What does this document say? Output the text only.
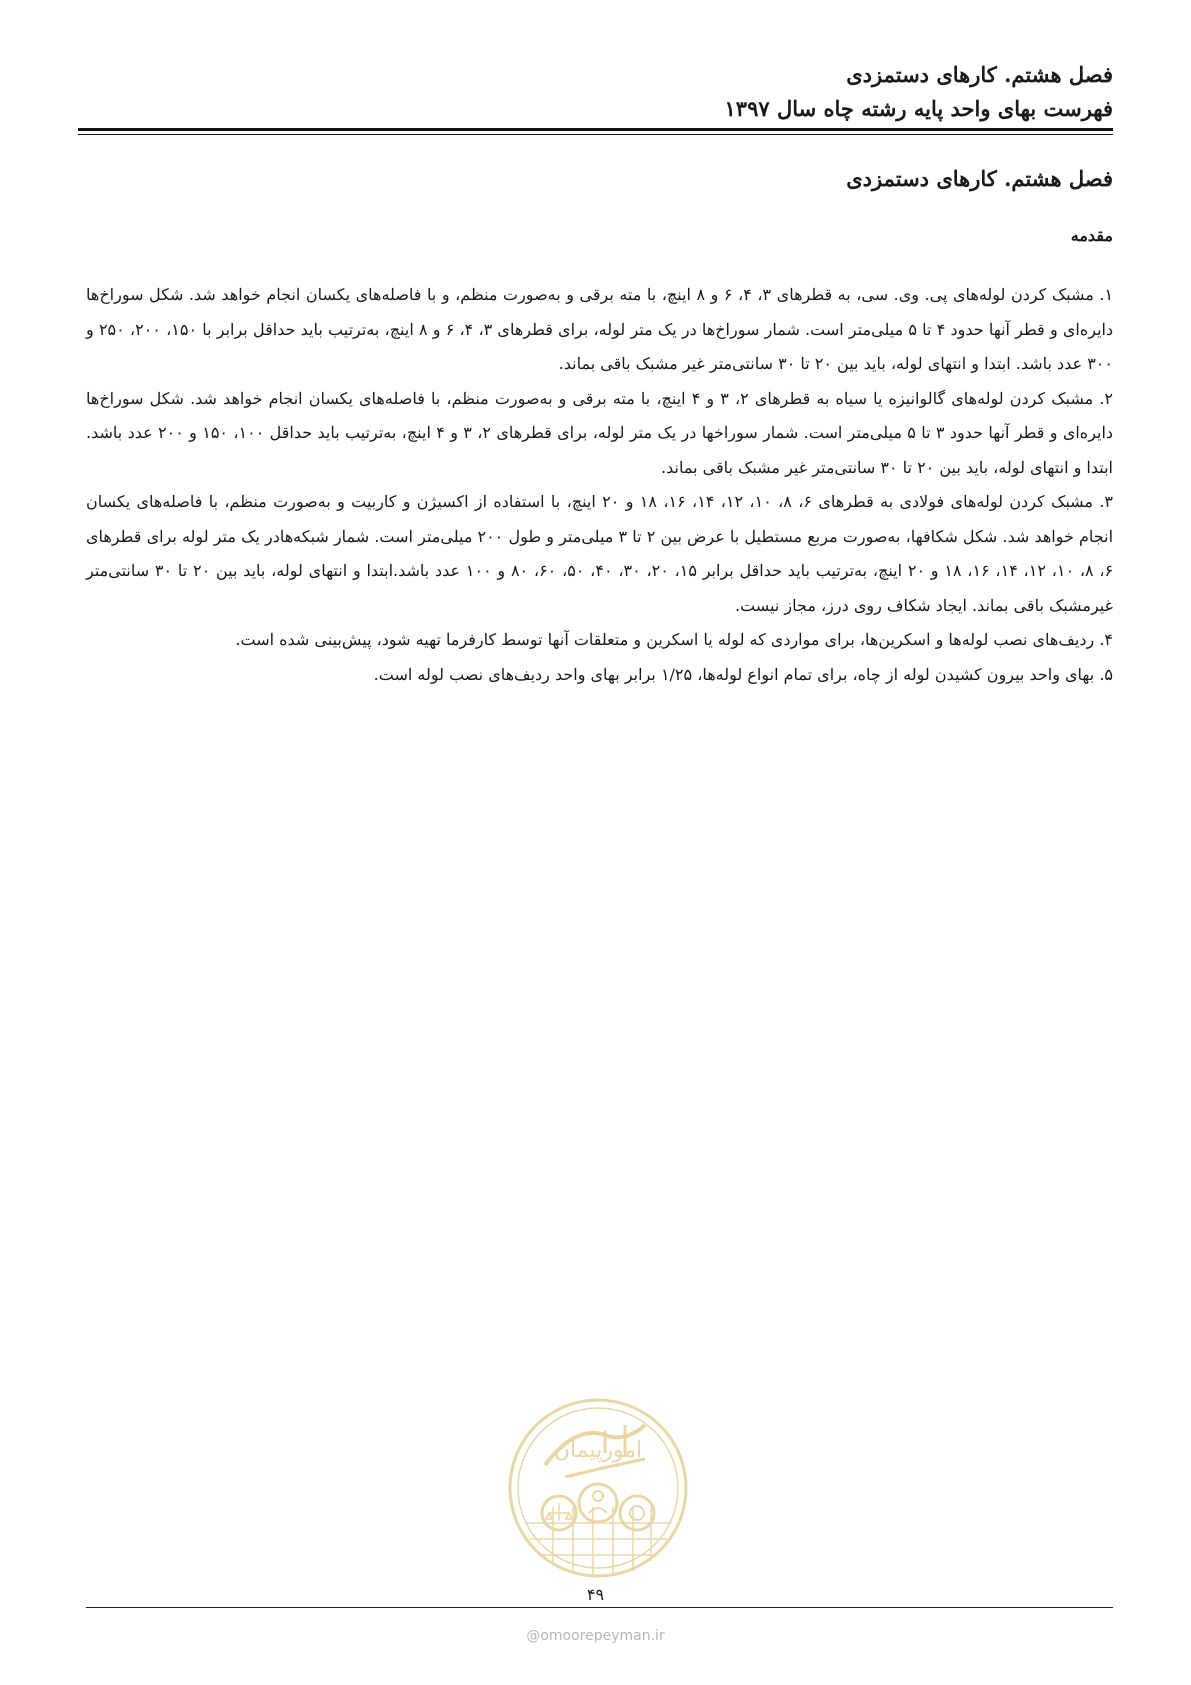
فصل هشتم. کارهای دستمزدی
فهرست بهای واحد پایه رشته چاه سال ۱۳۹۷
فصل هشتم. کارهای دستمزدی
مقدمه

۱. مشبک کردن لوله‌های پی. وی. سی، به قطرهای ۳، ۴، ۶ و ۸ اینچ، با مته برقی و به‌صورت منظم، و با فاصله‌های یکسان انجام خواهد شد. شکل سوراخ‌ها دایره‌ای و قطر آنها حدود ۴ تا ۵ میلی‌متر است. شمار سوراخ‌ها در یک متر لوله، برای قطرهای ۳، ۴، ۶ و ۸ اینچ، به‌ترتیب باید حداقل برابر با ۱۵۰، ۲۰۰، ۲۵۰ و ۳۰۰ عدد باشد. ابتدا و انتهای لوله، باید بین ۲۰ تا ۳۰ سانتی‌متر غیر مشبک باقی بماند.

۲. مشبک کردن لوله‌های گالوانیزه یا سیاه به قطرهای ۲، ۳ و ۴ اینچ، با مته برقی و به‌صورت منظم، با فاصله‌های یکسان انجام خواهد شد. شکل سوراخ‌ها دایره‌ای و قطر آنها حدود ۳ تا ۵ میلی‌متر است. شمار سوراخها در یک متر لوله، برای قطرهای ۲، ۳ و ۴ اینچ، به‌ترتیب باید حداقل ۱۰۰، ۱۵۰ و ۲۰۰ عدد باشد. ابتدا و انتهای لوله، باید بین ۲۰ تا ۳۰ سانتی‌متر غیر مشبک باقی بماند.

۳. مشبک کردن لوله‌های فولادی به قطرهای ۶، ۸، ۱۰، ۱۲، ۱۴، ۱۶، ۱۸ و ۲۰ اینچ، با استفاده از اکسیژن و کاربیت و به‌صورت منظم، با فاصله‌های یکسان انجام خواهد شد. شکل شکافها، به‌صورت مربع مستطیل با عرض بین ۲ تا ۳ میلی‌متر و طول ۲۰۰ میلی‌متر است. شمار شبکه‌هادر یک متر لوله برای قطرهای ۶، ۸، ۱۰، ۱۲، ۱۴، ۱۶، ۱۸ و ۲۰ اینچ، به‌ترتیب باید حداقل برابر ۱۵، ۲۰، ۳۰، ۴۰، ۵۰، ۶۰، ۸۰ و ۱۰۰ عدد باشد.ابتدا و انتهای لوله، باید بین ۲۰ تا ۳۰ سانتی‌متر غیرمشبک باقی بماند. ایجاد شکاف روی درز، مجاز نیست.

۴. ردیف‌های نصب لوله‌ها و اسکرین‌ها، برای مواردی که لوله یا اسکرین و متعلقات آنها توسط کارفرما تهیه شود، پیش‌بینی شده است.

۵. بهای واحد بیرون کشیدن لوله از چاه، برای تمام انواع لوله‌ها، ۱/۲۵ برابر بهای واحد ردیف‌های نصب لوله است.

امورپیمان
۴۹
@omoorepeyman.ir
